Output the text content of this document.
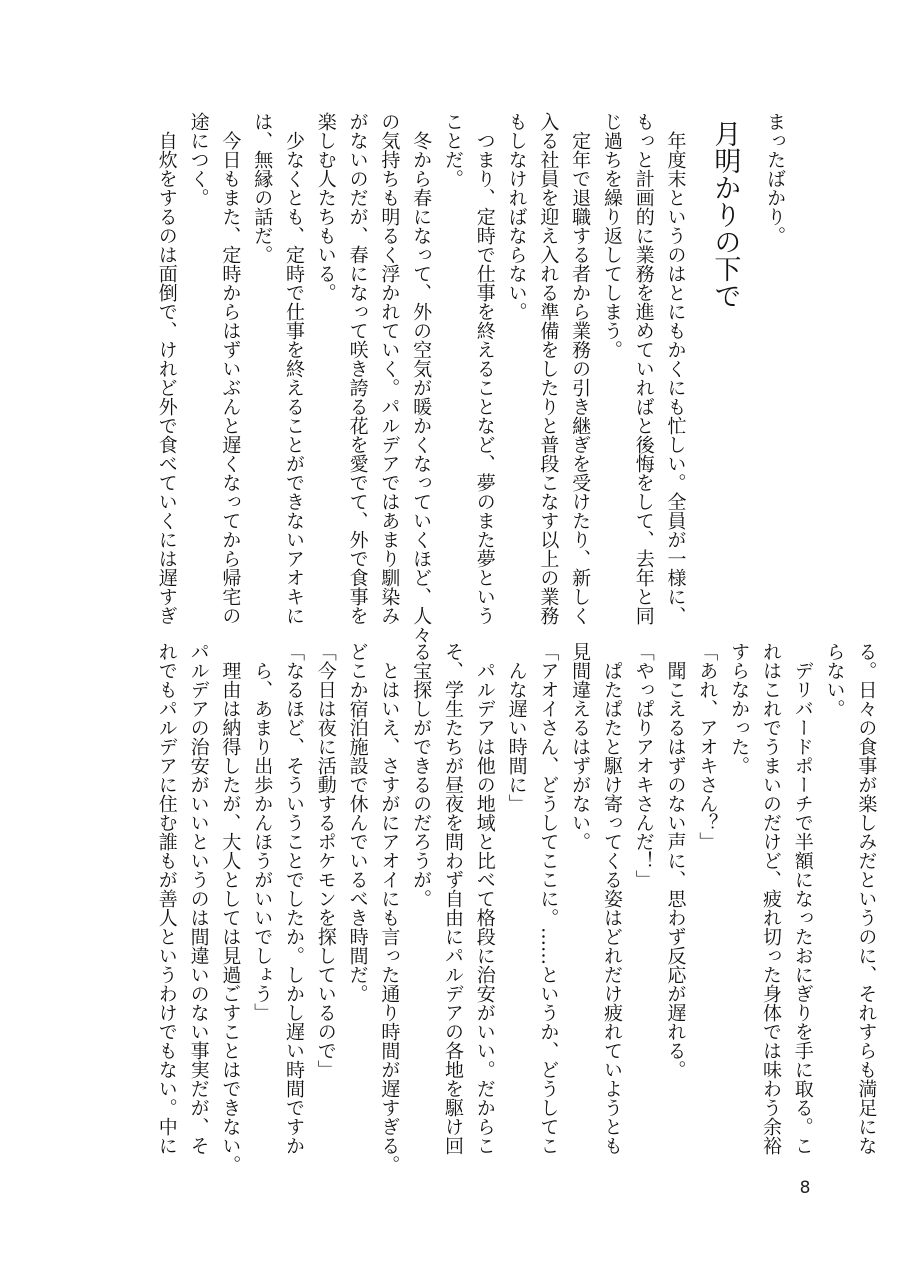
まったばかり。

月明かりの下で

年度末というのはとにもかくにも忙しい。全員が一様に、

もっと計画的に業務を進めていればと後悔をして、去年と同

じ過ちを繰り返してしまう。

定年で退職する者から業務の引き継ぎを受けたり、新しく

入る社員を迎え入れる準備をしたりと普段こなす以上の業務

もしなければならない。

つまり、定時で仕事を終えることなど、夢のまた夢という

ことだ。

冬から春になって、外の空気が暖かくなっていくほど、人々

の気持ちも明るく浮かれていく。パルデアではあまり馴染み

がないのだが、春になって咲き誇る花を愛でて、外で食事を

楽しむ人たちもいる。

少なくとも、定時で仕事を終えることができないアオキに

は、無縁の話だ。

今日もまた、定時からはずいぶんと遅くなってから帰宅の

途につく。

自炊をするのは面倒で、けれど外で食べていくには遅すぎ

る。日々の食事が楽しみだというのに、それすらも満足にな

らない。

デリバードポーチで半額になったおにぎりを手に取る。こ

れはこれでうまいのだけど、疲れ切った身体では味わう余裕

すらなかった。

「あれ、アオキさん？」

聞こえるはずのない声に、思わず反応が遅れる。

「やっぱりアオキさんだ！」

ぱたぱたと駆け寄ってくる姿はどれだけ疲れていようとも

見間違えるはずがない。

「アオイさん、どうしてここに。……というか、どうしてこ

んな遅い時間に」

パルデアは他の地域と比べて格段に治安がいい。だからこ

そ、学生たちが昼夜を問わず自由にパルデアの各地を駆け回

る宝探しができるのだろうが。

とはいえ、さすがにアオイにも言った通り時間が遅すぎる。

どこか宿泊施設で休んでいるべき時間だ。

「今日は夜に活動するポケモンを探しているので」

「なるほど、そういうことでしたか。しかし遅い時間ですか

ら、あまり出歩かんほうがいいでしょう」

理由は納得したが、大人としては見過ごすことはできない。

パルデアの治安がいいというのは間違いのない事実だが、そ

れでもパルデアに住む誰もが善人というわけでもない。中に

8
